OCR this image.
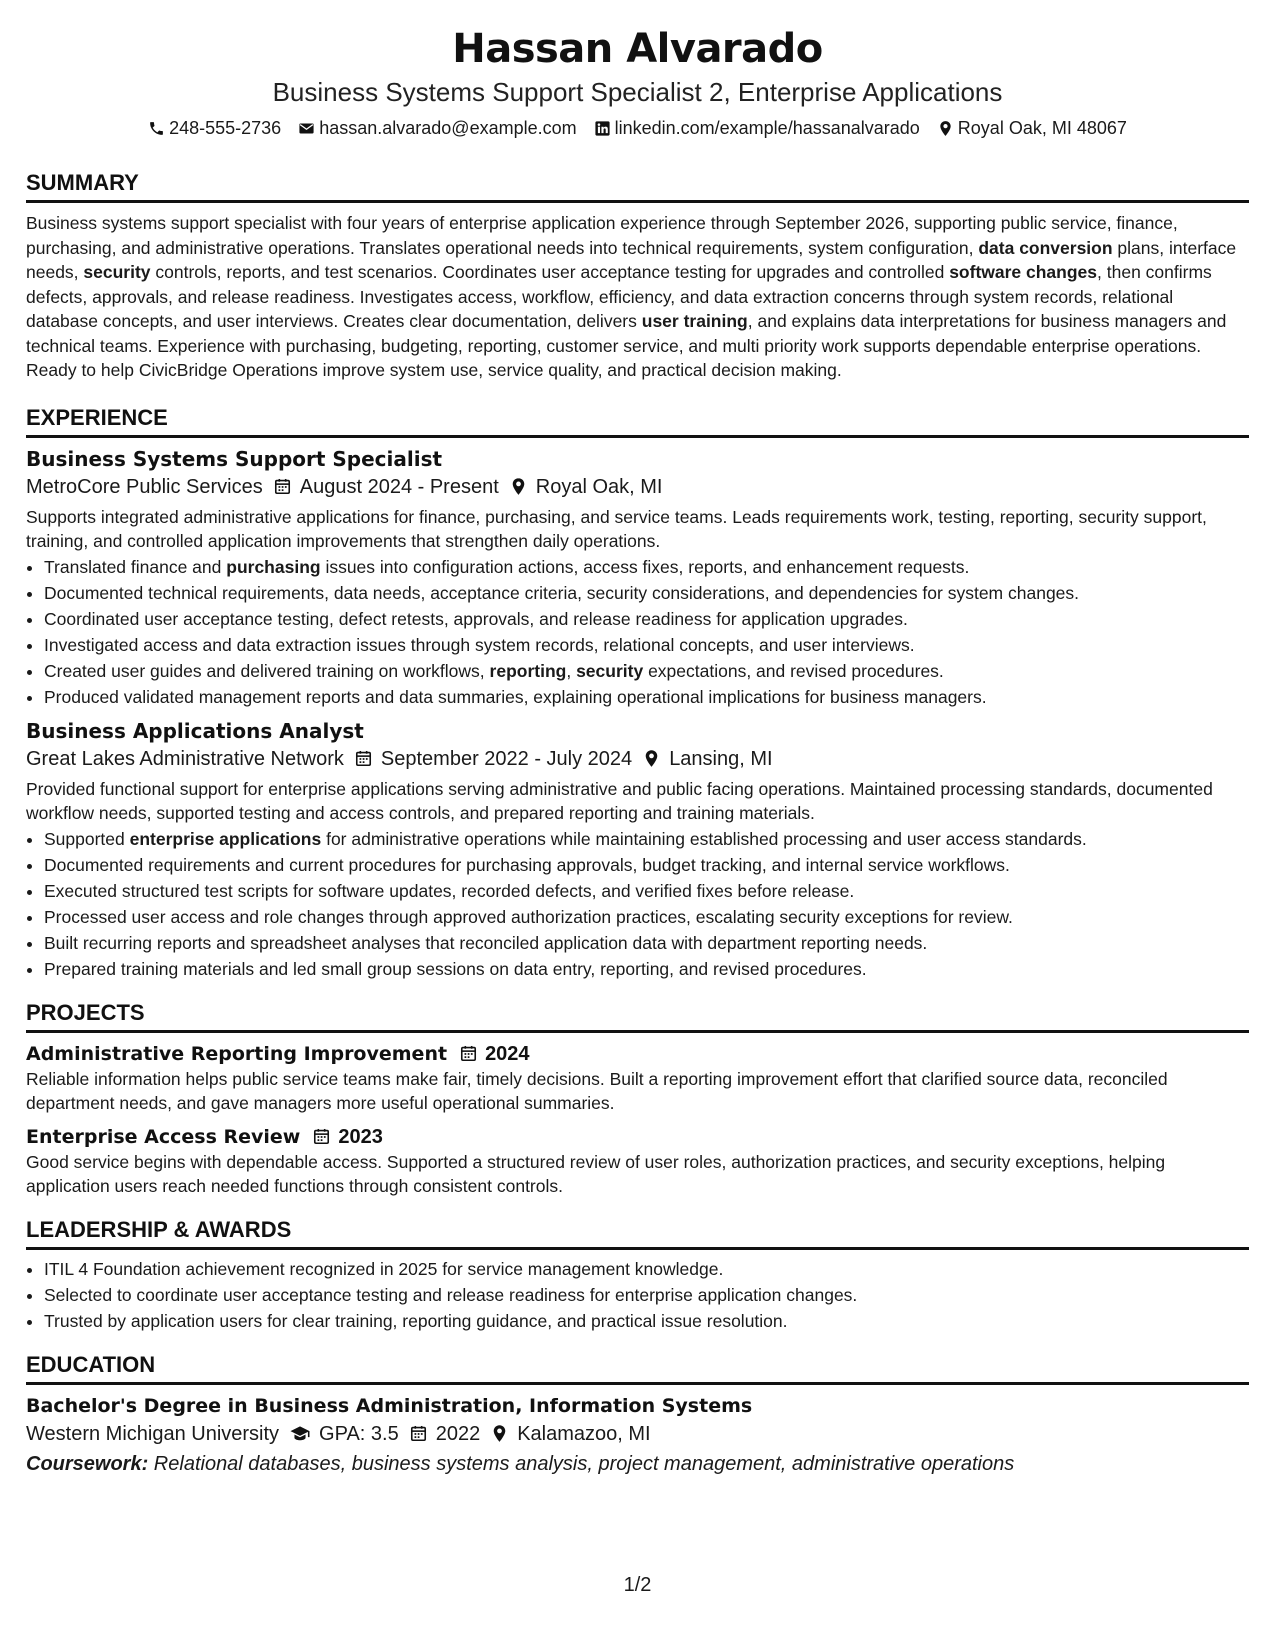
Hassan Alvarado
Business Systems Support Specialist 2, Enterprise Applications
248-555-2736 hassan.alvarado@example.com linkedin.com/example/hassanalvarado Royal Oak, MI 48067
SUMMARY

Business systems support specialist with four years of enterprise application experience through September 2026, supporting public service, finance, purchasing, and administrative operations. Translates operational needs into technical requirements, system configuration, data conversion plans, interface needs, security controls, reports, and test scenarios. Coordinates user acceptance testing for upgrades and controlled software changes, then confirms defects, approvals, and release readiness. Investigates access, workflow, efficiency, and data extraction concerns through system records, relational database concepts, and user interviews. Creates clear documentation, delivers user training, and explains data interpretations for business managers and technical teams. Experience with purchasing, budgeting, reporting, customer service, and multi priority work supports dependable enterprise operations. Ready to help CivicBridge Operations improve system use, service quality, and practical decision making.

EXPERIENCE
Business Systems Support Specialist
MetroCore Public Services August 2024 - Present Royal Oak, MI

Supports integrated administrative applications for finance, purchasing, and service teams. Leads requirements work, testing, reporting, security support, training, and controlled application improvements that strengthen daily operations.

• Translated finance and purchasing issues into configuration actions, access fixes, reports, and enhancement requests.
• Documented technical requirements, data needs, acceptance criteria, security considerations, and dependencies for system changes.
• Coordinated user acceptance testing, defect retests, approvals, and release readiness for application upgrades.
• Investigated access and data extraction issues through system records, relational concepts, and user interviews.
• Created user guides and delivered training on workflows, reporting, security expectations, and revised procedures.
• Produced validated management reports and data summaries, explaining operational implications for business managers.
Business Applications Analyst
Great Lakes Administrative Network September 2022 - July 2024 Lansing, MI

Provided functional support for enterprise applications serving administrative and public facing operations. Maintained processing standards, documented workflow needs, supported testing and access controls, and prepared reporting and training materials.

• Supported enterprise applications for administrative operations while maintaining established processing and user access standards.
• Documented requirements and current procedures for purchasing approvals, budget tracking, and internal service workflows.
• Executed structured test scripts for software updates, recorded defects, and verified fixes before release.
• Processed user access and role changes through approved authorization practices, escalating security exceptions for review.
• Built recurring reports and spreadsheet analyses that reconciled application data with department reporting needs.
• Prepared training materials and led small group sessions on data entry, reporting, and revised procedures.
PROJECTS
Administrative Reporting Improvement 2024

Reliable information helps public service teams make fair, timely decisions. Built a reporting improvement effort that clarified source data, reconciled department needs, and gave managers more useful operational summaries.

Enterprise Access Review 2023

Good service begins with dependable access. Supported a structured review of user roles, authorization practices, and security exceptions, helping application users reach needed functions through consistent controls.

LEADERSHIP & AWARDS
• ITIL 4 Foundation achievement recognized in 2025 for service management knowledge.
• Selected to coordinate user acceptance testing and release readiness for enterprise application changes.
• Trusted by application users for clear training, reporting guidance, and practical issue resolution.
EDUCATION
Bachelor's Degree in Business Administration, Information Systems
Western Michigan University GPA: 3.5 2022 Kalamazoo, MI

Coursework: Relational databases, business systems analysis, project management, administrative operations

1/2
